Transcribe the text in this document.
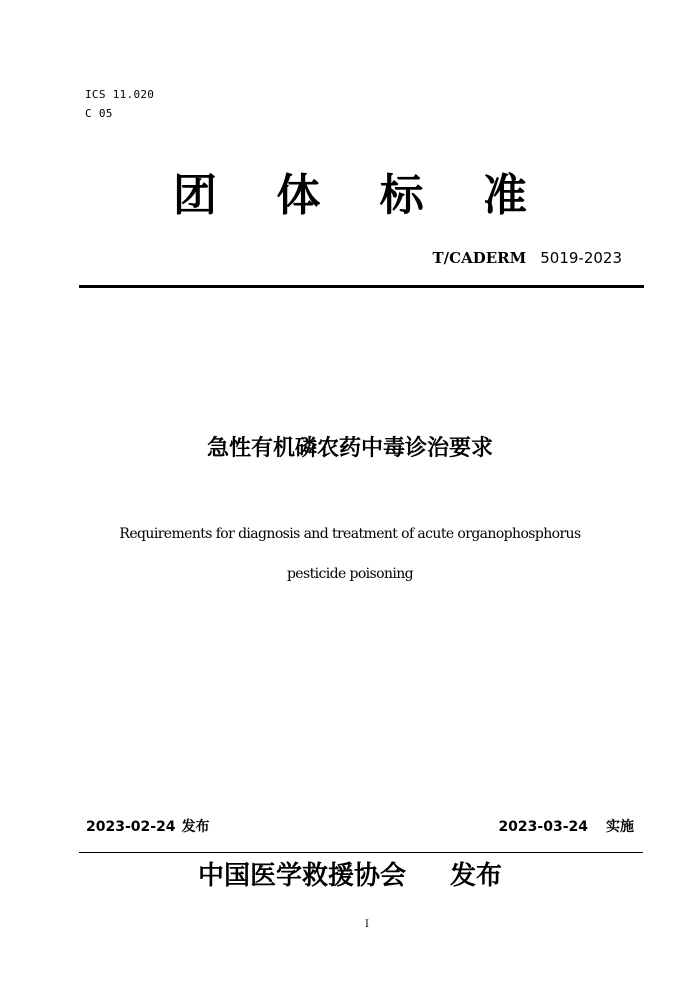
ICS 11.020
C 05
团 体 标 准
T/CADERM 5019-2023
急性有机磷农药中毒诊治要求
Requirements for diagnosis and treatment of acute organophosphorus
pesticide poisoning
2023-02-24 发布	2023-03-24 实施
中国医学救援协会 发布
I
